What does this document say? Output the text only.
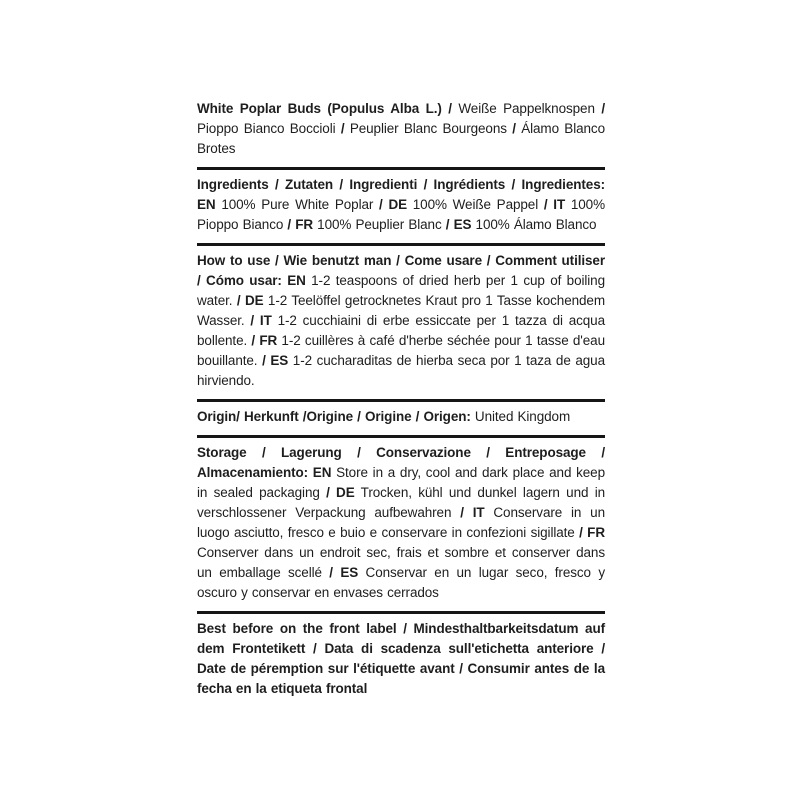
White Poplar Buds (Populus Alba L.) / Weiße Pappelknospen / Pioppo Bianco Boccioli / Peuplier Blanc Bourgeons / Álamo Blanco Brotes
Ingredients / Zutaten / Ingredienti / Ingrédients / Ingredientes: EN 100% Pure White Poplar / DE 100% Weiße Pappel / IT 100% Pioppo Bianco / FR 100% Peuplier Blanc / ES 100% Álamo Blanco
How to use / Wie benutzt man / Come usare / Comment utiliser / Cómo usar: EN 1-2 teaspoons of dried herb per 1 cup of boiling water. / DE 1-2 Teelöffel getrocknetes Kraut pro 1 Tasse kochendem Wasser. / IT 1-2 cucchiaini di erbe essiccate per 1 tazza di acqua bollente. / FR 1-2 cuillères à café d'herbe séchée pour 1 tasse d'eau bouillante. / ES 1-2 cucharaditas de hierba seca por 1 taza de agua hirviendo.
Origin/ Herkunft /Origine / Origine / Origen: United Kingdom
Storage / Lagerung / Conservazione / Entreposage / Almacenamiento: EN Store in a dry, cool and dark place and keep in sealed packaging / DE Trocken, kühl und dunkel lagern und in verschlossener Verpackung aufbewahren / IT Conservare in un luogo asciutto, fresco e buio e conservare in confezioni sigillate / FR Conserver dans un endroit sec, frais et sombre et conserver dans un emballage scellé / ES Conservar en un lugar seco, fresco y oscuro y conservar en envases cerrados
Best before on the front label / Mindesthaltbarkeitsdatum auf dem Frontetikett / Data di scadenza sull'etichetta anteriore / Date de péremption sur l'étiquette avant / Consumir antes de la fecha en la etiqueta frontal
